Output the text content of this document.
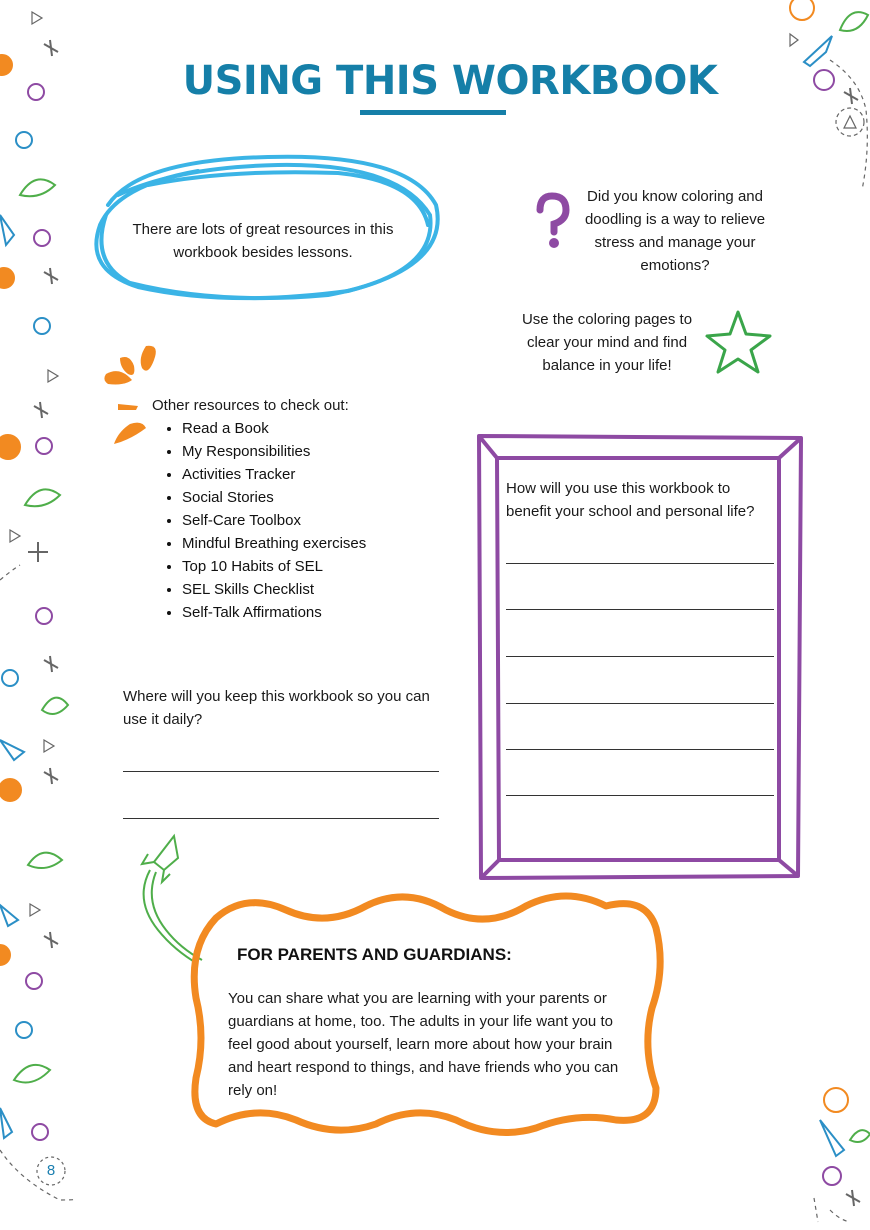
USING THIS WORKBOOK
There are lots of great resources in this workbook besides lessons.
Did you know coloring and doodling is a way to relieve stress and manage your emotions?
Use the coloring pages to clear your mind and find balance in your life!
Other resources to check out:
• Read a Book
• My Responsibilities
• Activities Tracker
• Social Stories
• Self-Care Toolbox
• Mindful Breathing exercises
• Top 10 Habits of SEL
• SEL Skills Checklist
• Self-Talk Affirmations
How will you use this workbook to benefit your school and personal life?
Where will you keep this workbook so you can use it daily?
FOR PARENTS AND GUARDIANS:
You can share what you are learning with your parents or guardians at home, too. The adults in your life want you to feel good about yourself, learn more about how your brain and heart respond to things, and have friends who you can rely on!
8
